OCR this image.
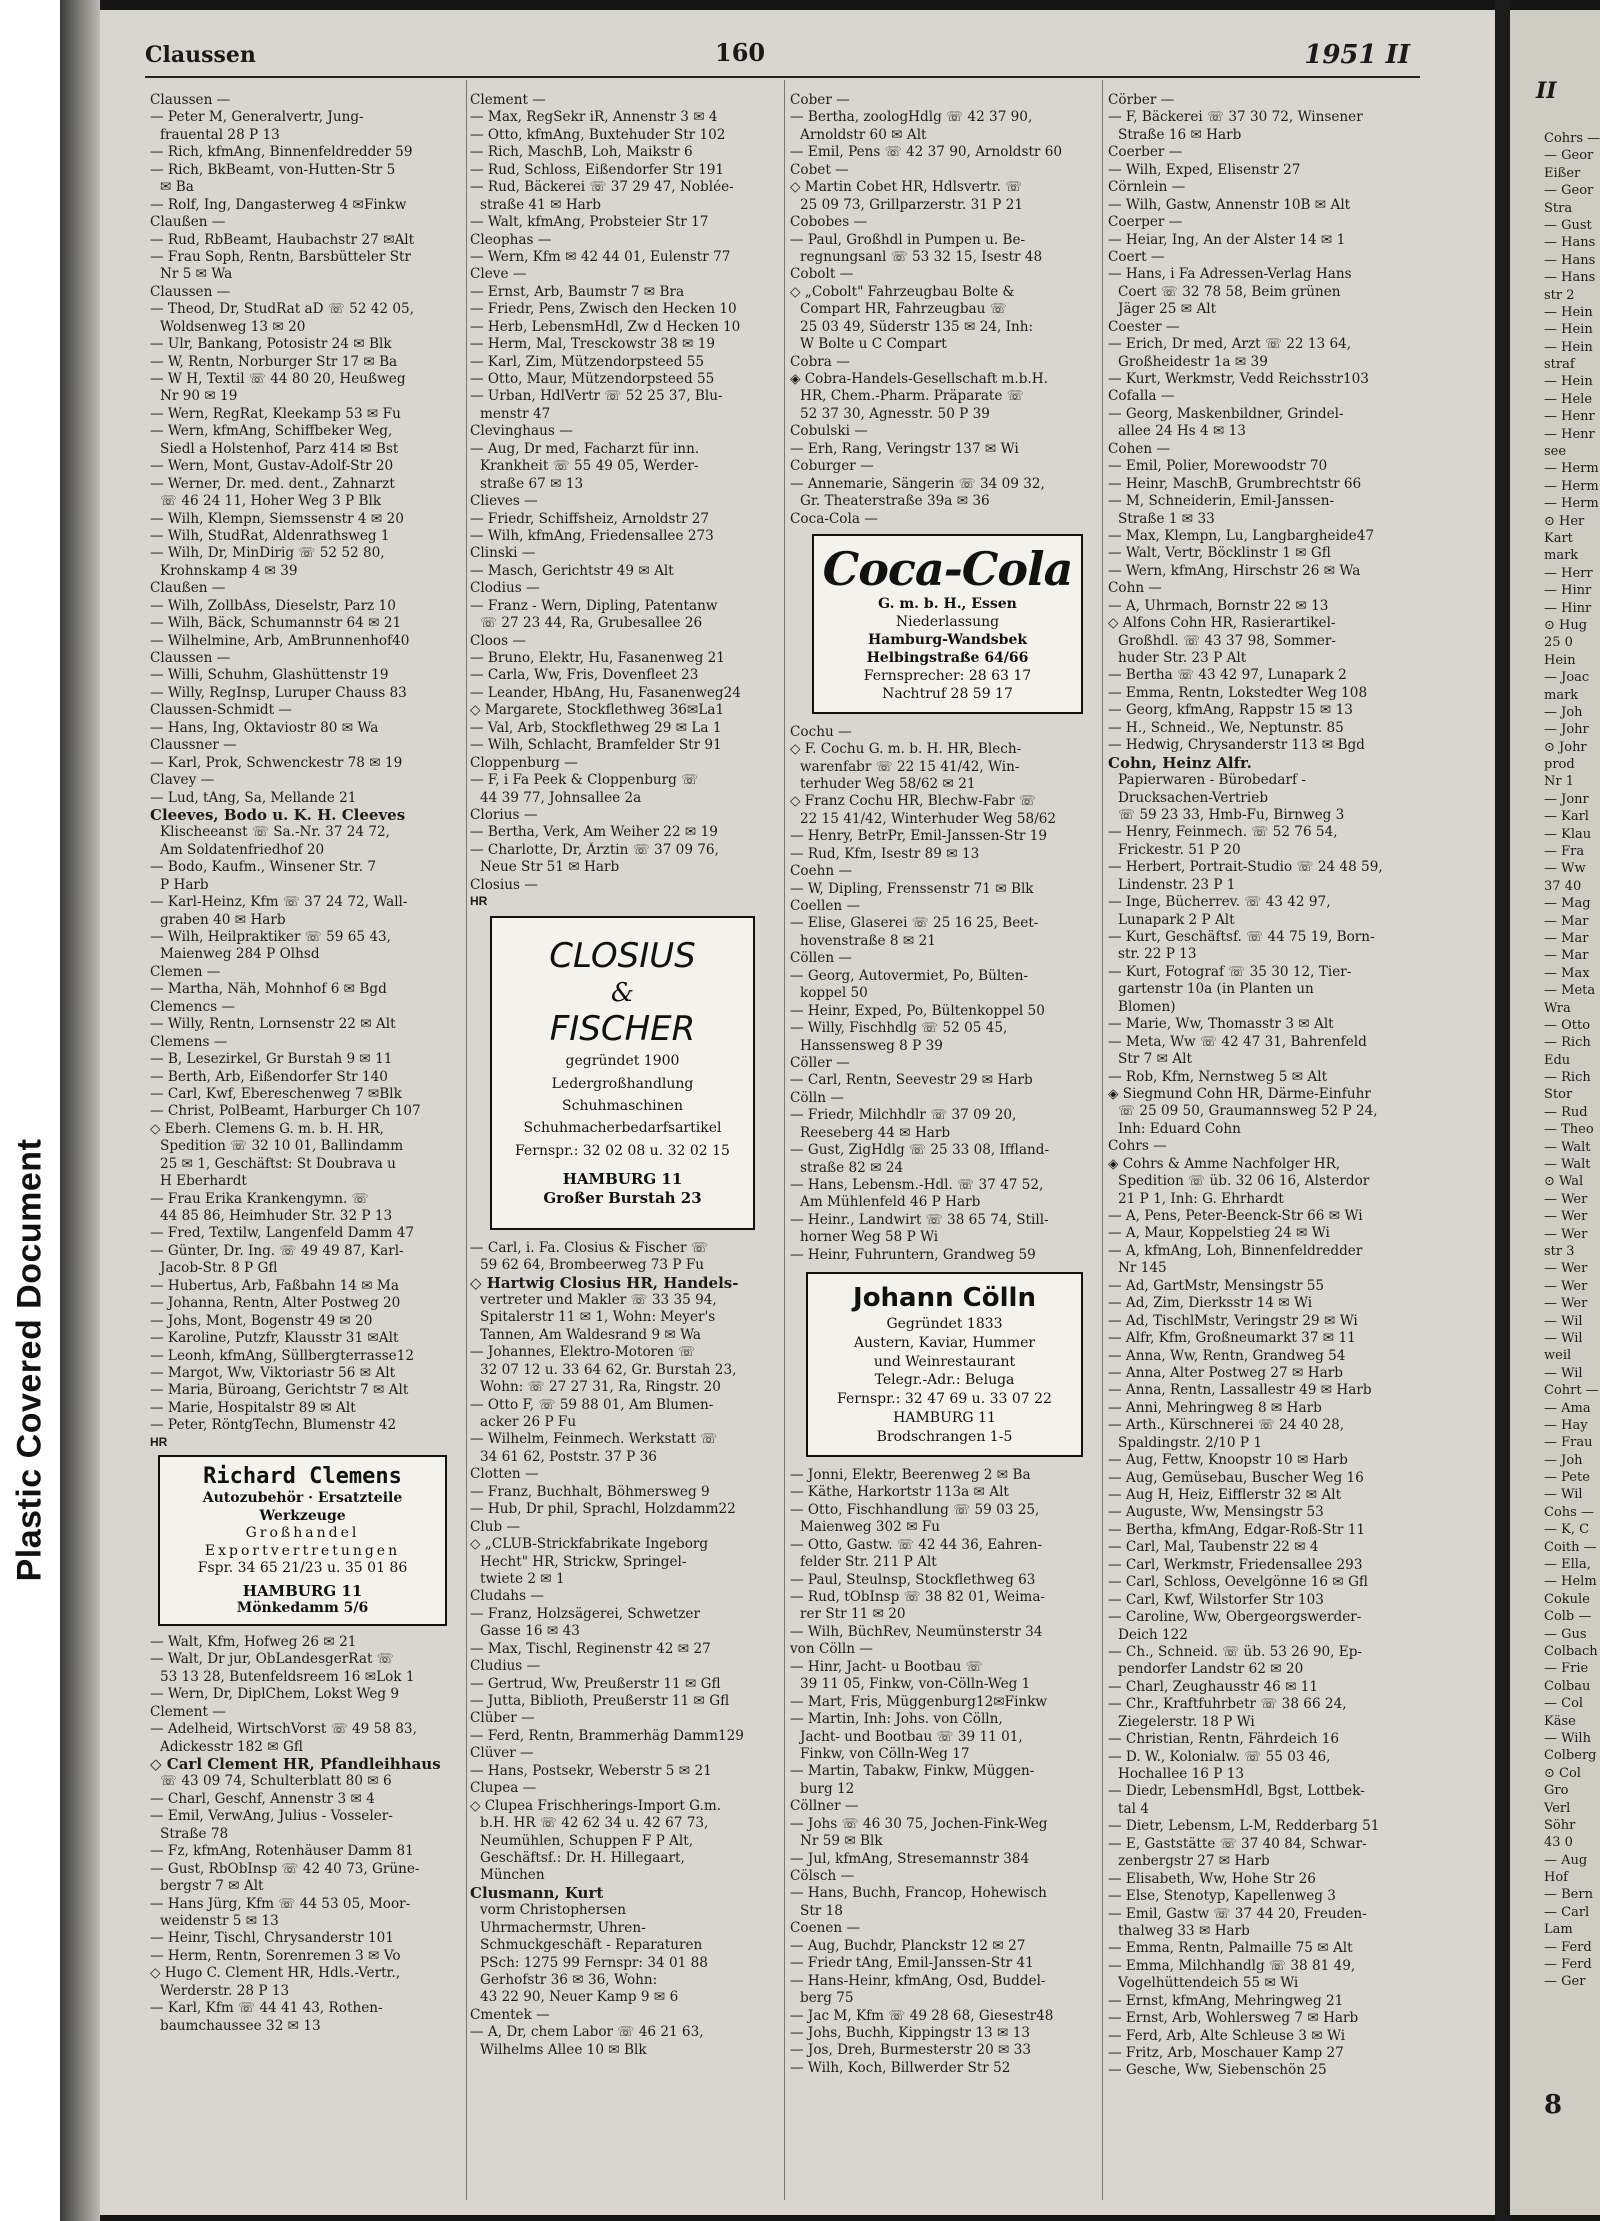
Plastic Covered Document
Claussen	160	1951 II
Claussen —
— Peter M, Generalvertr, Jung-
frauental 28 P 13
— Rich, kfmAng, Binnenfeldredder 59
— Rich, BkBeamt, von-Hutten-Str 5
✉ Ba
— Rolf, Ing, Dangasterweg 4 ✉Finkw
Claußen —
— Rud, RbBeamt, Haubachstr 27 ✉Alt
— Frau Soph, Rentn, Barsbütteler Str
Nr 5 ✉ Wa
Claussen —
— Theod, Dr, StudRat aD ☏ 52 42 05,
Woldsenweg 13 ✉ 20
— Ulr, Bankang, Potosistr 24 ✉ Blk
— W, Rentn, Norburger Str 17 ✉ Ba
— W H, Textil ☏ 44 80 20, Heußweg
Nr 90 ✉ 19
— Wern, RegRat, Kleekamp 53 ✉ Fu
— Wern, kfmAng, Schiffbeker Weg,
Siedl a Holstenhof, Parz 414 ✉ Bst
— Wern, Mont, Gustav-Adolf-Str 20
— Werner, Dr. med. dent., Zahnarzt
☏ 46 24 11, Hoher Weg 3 P Blk
— Wilh, Klempn, Siemssenstr 4 ✉ 20
— Wilh, StudRat, Aldenrathsweg 1
— Wilh, Dr, MinDirig ☏ 52 52 80,
Krohnskamp 4 ✉ 39
Claußen —
— Wilh, ZollbAss, Dieselstr, Parz 10
— Wilh, Bäck, Schumannstr 64 ✉ 21
— Wilhelmine, Arb, AmBrunnenhof40
Claussen —
— Willi, Schuhm, Glashüttenstr 19
— Willy, RegInsp, Luruper Chauss 83
Claussen-Schmidt —
— Hans, Ing, Oktaviostr 80 ✉ Wa
Claussner —
— Karl, Prok, Schwenckestr 78 ✉ 19
Clavey —
— Lud, tAng, Sa, Mellande 21
Cleeves, Bodo u. K. H. Cleeves
Klischeeanst ☏ Sa.-Nr. 37 24 72,
Am Soldatenfriedhof 20
— Bodo, Kaufm., Winsener Str. 7
P Harb
— Karl-Heinz, Kfm ☏ 37 24 72, Wall-
graben 40 ✉ Harb
— Wilh, Heilpraktiker ☏ 59 65 43,
Maienweg 284 P Olhsd
Clemen —
— Martha, Näh, Mohnhof 6 ✉ Bgd
Clemencs —
— Willy, Rentn, Lornsenstr 22 ✉ Alt
Clemens —
— B, Lesezirkel, Gr Burstah 9 ✉ 11
— Berth, Arb, Eißendorfer Str 140
— Carl, Kwf, Ebereschenweg 7 ✉Blk
— Christ, PolBeamt, Harburger Ch 107
◇ Eberh. Clemens G. m. b. H. HR,
Spedition ☏ 32 10 01, Ballindamm
25 ✉ 1, Geschäftst: St Doubrava u
H Eberhardt
— Frau Erika Krankengymn. ☏
44 85 86, Heimhuder Str. 32 P 13
— Fred, Textilw, Langenfeld Damm 47
— Günter, Dr. Ing. ☏ 49 49 87, Karl-
Jacob-Str. 8 P Gfl
— Hubertus, Arb, Faßbahn 14 ✉ Ma
— Johanna, Rentn, Alter Postweg 20
— Johs, Mont, Bogenstr 49 ✉ 20
— Karoline, Putzfr, Klausstr 31 ✉Alt
— Leonh, kfmAng, Süllbergterrasse12
— Margot, Ww, Viktoriastr 56 ✉ Alt
— Maria, Büroang, Gerichtstr 7 ✉ Alt
— Marie, Hospitalstr 89 ✉ Alt
— Peter, RöntgTechn, Blumenstr 42
HR
Richard Clemens
Autozubehör · Ersatzteile
Werkzeuge
Großhandel
Exportvertretungen
Fspr. 34 65 21/23 u. 35 01 86
HAMBURG 11
Mönkedamm 5/6
— Walt, Kfm, Hofweg 26 ✉ 21
— Walt, Dr jur, ObLandesgerRat ☏
53 13 28, Butenfeldsreem 16 ✉Lok 1
— Wern, Dr, DiplChem, Lokst Weg 9
Clement —
— Adelheid, WirtschVorst ☏ 49 58 83,
Adickesstr 182 ✉ Gfl
◇ Carl Clement HR, Pfandleihhaus
☏ 43 09 74, Schulterblatt 80 ✉ 6
— Charl, Geschf, Annenstr 3 ✉ 4
— Emil, VerwAng, Julius - Vosseler-
Straße 78
— Fz, kfmAng, Rotenhäuser Damm 81
— Gust, RbObInsp ☏ 42 40 73, Grüne-
bergstr 7 ✉ Alt
— Hans Jürg, Kfm ☏ 44 53 05, Moor-
weidenstr 5 ✉ 13
— Heinr, Tischl, Chrysanderstr 101
— Herm, Rentn, Sorenremen 3 ✉ Vo
◇ Hugo C. Clement HR, Hdls.-Vertr.,
Werderstr. 28 P 13
— Karl, Kfm ☏ 44 41 43, Rothen-
baumchaussee 32 ✉ 13
Clement —
— Max, RegSekr iR, Annenstr 3 ✉ 4
— Otto, kfmAng, Buxtehuder Str 102
— Rich, MaschB, Loh, Maikstr 6
— Rud, Schloss, Eißendorfer Str 191
— Rud, Bäckerei ☏ 37 29 47, Noblée-
straße 41 ✉ Harb
— Walt, kfmAng, Probsteier Str 17
Cleophas —
— Wern, Kfm ✉ 42 44 01, Eulenstr 77
Cleve —
— Ernst, Arb, Baumstr 7 ✉ Bra
— Friedr, Pens, Zwisch den Hecken 10
— Herb, LebensmHdl, Zw d Hecken 10
— Herm, Mal, Tresckowstr 38 ✉ 19
— Karl, Zim, Mützendorpsteed 55
— Otto, Maur, Mützendorpsteed 55
— Urban, HdlVertr ☏ 52 25 37, Blu-
menstr 47
Clevinghaus —
— Aug, Dr med, Facharzt für inn.
Krankheit ☏ 55 49 05, Werder-
straße 67 ✉ 13
Clieves —
— Friedr, Schiffsheiz, Arnoldstr 27
— Wilh, kfmAng, Friedensallee 273
Clinski —
— Masch, Gerichtstr 49 ✉ Alt
Clodius —
— Franz - Wern, Dipling, Patentanw
☏ 27 23 44, Ra, Grubesallee 26
Cloos —
— Bruno, Elektr, Hu, Fasanenweg 21
— Carla, Ww, Fris, Dovenfleet 23
— Leander, HbAng, Hu, Fasanenweg24
◇ Margarete, Stockflethweg 36✉La1
— Val, Arb, Stockflethweg 29 ✉ La 1
— Wilh, Schlacht, Bramfelder Str 91
Cloppenburg —
— F, i Fa Peek & Cloppenburg ☏
44 39 77, Johnsallee 2a
Clorius —
— Bertha, Verk, Am Weiher 22 ✉ 19
— Charlotte, Dr, Ärztin ☏ 37 09 76,
Neue Str 51 ✉ Harb
Closius —
HR
CLOSIUS
&
FISCHER
gegründet 1900
Ledergroßhandlung
Schuhmaschinen
Schuhmacherbedarfsartikel
Fernspr.: 32 02 08 u. 32 02 15
HAMBURG 11
Großer Burstah 23
— Carl, i. Fa. Closius & Fischer ☏
59 62 64, Brombeerweg 73 P Fu
◇ Hartwig Closius HR, Handels-
vertreter und Makler ☏ 33 35 94,
Spitalerstr 11 ✉ 1, Wohn: Meyer's
Tannen, Am Waldesrand 9 ✉ Wa
— Johannes, Elektro-Motoren ☏
32 07 12 u. 33 64 62, Gr. Burstah 23,
Wohn: ☏ 27 27 31, Ra, Ringstr. 20
— Otto F, ☏ 59 88 01, Am Blumen-
acker 26 P Fu
— Wilhelm, Feinmech. Werkstatt ☏
34 61 62, Poststr. 37 P 36
Clotten —
— Franz, Buchhalt, Böhmersweg 9
— Hub, Dr phil, Sprachl, Holzdamm22
Club —
◇ „CLUB-Strickfabrikate Ingeborg
Hecht" HR, Strickw, Springel-
twiete 2 ✉ 1
Cludahs —
— Franz, Holzsägerei, Schwetzer
Gasse 16 ✉ 43
— Max, Tischl, Reginenstr 42 ✉ 27
Cludius —
— Gertrud, Ww, Preußerstr 11 ✉ Gfl
— Jutta, Biblioth, Preußerstr 11 ✉ Gfl
Clüber —
— Ferd, Rentn, Brammerhäg Damm129
Clüver —
— Hans, Postsekr, Weberstr 5 ✉ 21
Clupea —
◇ Clupea Frischherings-Import G.m.
b.H. HR ☏ 42 62 34 u. 42 67 73,
Neumühlen, Schuppen F P Alt,
Geschäftsf.: Dr. H. Hillegaart,
München
Clusmann, Kurt
vorm Christophersen
Uhrmachermstr, Uhren-
Schmuckgeschäft - Reparaturen
PSch: 1275 99 Fernspr: 34 01 88
Gerhofstr 36 ✉ 36, Wohn:
43 22 90, Neuer Kamp 9 ✉ 6
Cmentek —
— A, Dr, chem Labor ☏ 46 21 63,
Wilhelms Allee 10 ✉ Blk
Cober —
— Bertha, zoologHdlg ☏ 42 37 90,
Arnoldstr 60 ✉ Alt
— Emil, Pens ☏ 42 37 90, Arnoldstr 60
Cobet —
◇ Martin Cobet HR, Hdlsvertr. ☏
25 09 73, Grillparzerstr. 31 P 21
Cobobes —
— Paul, Großhdl in Pumpen u. Be-
regnungsanl ☏ 53 32 15, Isestr 48
Cobolt —
◇ „Cobolt" Fahrzeugbau Bolte &
Compart HR, Fahrzeugbau ☏
25 03 49, Süderstr 135 ✉ 24, Inh:
W Bolte u C Compart
Cobra —
◈ Cobra-Handels-Gesellschaft m.b.H.
HR, Chem.-Pharm. Präparate ☏
52 37 30, Agnesstr. 50 P 39
Cobulski —
— Erh, Rang, Veringstr 137 ✉ Wi
Coburger —
— Annemarie, Sängerin ☏ 34 09 32,
Gr. Theaterstraße 39a ✉ 36
Coca-Cola —
Coca-Cola
G. m. b. H., Essen
Niederlassung
Hamburg-Wandsbek
Helbingstraße 64/66
Fernsprecher: 28 63 17
Nachtruf 28 59 17
Cochu —
◇ F. Cochu G. m. b. H. HR, Blech-
warenfabr ☏ 22 15 41/42, Win-
terhuder Weg 58/62 ✉ 21
◇ Franz Cochu HR, Blechw-Fabr ☏
22 15 41/42, Winterhuder Weg 58/62
— Henry, BetrPr, Emil-Janssen-Str 19
— Rud, Kfm, Isestr 89 ✉ 13
Coehn —
— W, Dipling, Frenssenstr 71 ✉ Blk
Coellen —
— Elise, Glaserei ☏ 25 16 25, Beet-
hovenstraße 8 ✉ 21
Cöllen —
— Georg, Autovermiet, Po, Bülten-
koppel 50
— Heinr, Exped, Po, Bültenkoppel 50
— Willy, Fischhdlg ☏ 52 05 45,
Hanssensweg 8 P 39
Cöller —
— Carl, Rentn, Seevestr 29 ✉ Harb
Cölln —
— Friedr, Milchhdlr ☏ 37 09 20,
Reeseberg 44 ✉ Harb
— Gust, ZigHdlg ☏ 25 33 08, Iffland-
straße 82 ✉ 24
— Hans, Lebensm.-Hdl. ☏ 37 47 52,
Am Mühlenfeld 46 P Harb
— Heinr., Landwirt ☏ 38 65 74, Still-
horner Weg 58 P Wi
— Heinr, Fuhruntern, Grandweg 59
Johann Cölln
Gegründet 1833
Austern, Kaviar, Hummer
und Weinrestaurant
Telegr.-Adr.: Beluga
Fernspr.: 32 47 69 u. 33 07 22
HAMBURG 11
Brodschrangen 1-5
— Jonni, Elektr, Beerenweg 2 ✉ Ba
— Käthe, Harkortstr 113a ✉ Alt
— Otto, Fischhandlung ☏ 59 03 25,
Maienweg 302 ✉ Fu
— Otto, Gastw. ☏ 42 44 36, Eahren-
felder Str. 211 P Alt
— Paul, Steulnsp, Stockflethweg 63
— Rud, tObInsp ☏ 38 82 01, Weima-
rer Str 11 ✉ 20
— Wilh, BüchRev, Neumünsterstr 34
von Cölln —
— Hinr, Jacht- u Bootbau ☏
39 11 05, Finkw, von-Cölln-Weg 1
— Mart, Fris, Müggenburg12✉Finkw
— Martin, Inh: Johs. von Cölln,
Jacht- und Bootbau ☏ 39 11 01,
Finkw, von Cölln-Weg 17
— Martin, Tabakw, Finkw, Müggen-
burg 12
Cöllner —
— Johs ☏ 46 30 75, Jochen-Fink-Weg
Nr 59 ✉ Blk
— Jul, kfmAng, Stresemannstr 384
Cölsch —
— Hans, Buchh, Francop, Hohewisch
Str 18
Coenen —
— Aug, Buchdr, Planckstr 12 ✉ 27
— Friedr tAng, Emil-Janssen-Str 41
— Hans-Heinr, kfmAng, Osd, Buddel-
berg 75
— Jac M, Kfm ☏ 49 28 68, Giesestr48
— Johs, Buchh, Kippingstr 13 ✉ 13
— Jos, Dreh, Burmesterstr 20 ✉ 33
— Wilh, Koch, Billwerder Str 52
Cörber —
— F, Bäckerei ☏ 37 30 72, Winsener
Straße 16 ✉ Harb
Coerber —
— Wilh, Exped, Elisenstr 27
Cörnlein —
— Wilh, Gastw, Annenstr 10B ✉ Alt
Coerper —
— Heiar, Ing, An der Alster 14 ✉ 1
Coert —
— Hans, i Fa Adressen-Verlag Hans
Coert ☏ 32 78 58, Beim grünen
Jäger 25 ✉ Alt
Coester —
— Erich, Dr med, Arzt ☏ 22 13 64,
Großheidestr 1a ✉ 39
— Kurt, Werkmstr, Vedd Reichsstr103
Cofalla —
— Georg, Maskenbildner, Grindel-
allee 24 Hs 4 ✉ 13
Cohen —
— Emil, Polier, Morewoodstr 70
— Heinr, MaschB, Grumbrechtstr 66
— M, Schneiderin, Emil-Janssen-
Straße 1 ✉ 33
— Max, Klempn, Lu, Langbargheide47
— Walt, Vertr, Böcklinstr 1 ✉ Gfl
— Wern, kfmAng, Hirschstr 26 ✉ Wa
Cohn —
— A, Uhrmach, Bornstr 22 ✉ 13
◇ Alfons Cohn HR, Rasierartikel-
Großhdl. ☏ 43 37 98, Sommer-
huder Str. 23 P Alt
— Bertha ☏ 43 42 97, Lunapark 2
— Emma, Rentn, Lokstedter Weg 108
— Georg, kfmAng, Rappstr 15 ✉ 13
— H., Schneid., We, Neptunstr. 85
— Hedwig, Chrysanderstr 113 ✉ Bgd
Cohn, Heinz Alfr.
Papierwaren - Bürobedarf -
Drucksachen-Vertrieb
☏ 59 23 33, Hmb-Fu, Birnweg 3
— Henry, Feinmech. ☏ 52 76 54,
Frickestr. 51 P 20
— Herbert, Portrait-Studio ☏ 24 48 59,
Lindenstr. 23 P 1
— Inge, Bücherrev. ☏ 43 42 97,
Lunapark 2 P Alt
— Kurt, Geschäftsf. ☏ 44 75 19, Born-
str. 22 P 13
— Kurt, Fotograf ☏ 35 30 12, Tier-
gartenstr 10a (in Planten un
Blomen)
— Marie, Ww, Thomasstr 3 ✉ Alt
— Meta, Ww ☏ 42 47 31, Bahrenfeld
Str 7 ✉ Alt
— Rob, Kfm, Nernstweg 5 ✉ Alt
◈ Siegmund Cohn HR, Därme-Einfuhr
☏ 25 09 50, Graumannsweg 52 P 24,
Inh: Eduard Cohn
Cohrs —
◈ Cohrs & Amme Nachfolger HR,
Spedition ☏ üb. 32 06 16, Alsterdor
21 P 1, Inh: G. Ehrhardt
— A, Pens, Peter-Beenck-Str 66 ✉ Wi
— A, Maur, Koppelstieg 24 ✉ Wi
— A, kfmAng, Loh, Binnenfeldredder
Nr 145
— Ad, GartMstr, Mensingstr 55
— Ad, Zim, Dierksstr 14 ✉ Wi
— Ad, TischlMstr, Veringstr 29 ✉ Wi
— Alfr, Kfm, Großneumarkt 37 ✉ 11
— Anna, Ww, Rentn, Grandweg 54
— Anna, Alter Postweg 27 ✉ Harb
— Anna, Rentn, Lassallestr 49 ✉ Harb
— Anni, Mehringweg 8 ✉ Harb
— Arth., Kürschnerei ☏ 24 40 28,
Spaldingstr. 2/10 P 1
— Aug, Fettw, Knoopstr 10 ✉ Harb
— Aug, Gemüsebau, Buscher Weg 16
— Aug H, Heiz, Eifflerstr 32 ✉ Alt
— Auguste, Ww, Mensingstr 53
— Bertha, kfmAng, Edgar-Roß-Str 11
— Carl, Mal, Taubenstr 22 ✉ 4
— Carl, Werkmstr, Friedensallee 293
— Carl, Schloss, Oevelgönne 16 ✉ Gfl
— Carl, Kwf, Wilstorfer Str 103
— Caroline, Ww, Obergeorgswerder-
Deich 122
— Ch., Schneid. ☏ üb. 53 26 90, Ep-
pendorfer Landstr 62 ✉ 20
— Charl, Zeughausstr 46 ✉ 11
— Chr., Kraftfuhrbetr ☏ 38 66 24,
Ziegelerstr. 18 P Wi
— Christian, Rentn, Fährdeich 16
— D. W., Kolonialw. ☏ 55 03 46,
Hochallee 16 P 13
— Diedr, LebensmHdl, Bgst, Lottbek-
tal 4
— Dietr, Lebensm, L-M, Redderbarg 51
— E, Gaststätte ☏ 37 40 84, Schwar-
zenbergstr 27 ✉ Harb
— Elisabeth, Ww, Hohe Str 26
— Else, Stenotyp, Kapellenweg 3
— Emil, Gastw ☏ 37 44 20, Freuden-
thalweg 33 ✉ Harb
— Emma, Rentn, Palmaille 75 ✉ Alt
— Emma, Milchhandlg ☏ 38 81 49,
Vogelhüttendeich 55 ✉ Wi
— Ernst, kfmAng, Mehringweg 21
— Ernst, Arb, Wohlersweg 7 ✉ Harb
— Ferd, Arb, Alte Schleuse 3 ✉ Wi
— Fritz, Arb, Moschauer Kamp 27
— Gesche, Ww, Siebenschön 25
II
Cohrs —
— Geor
Eißer
— Geor
Stra
— Gust
— Hans
— Hans
— Hans
str 2
— Hein
— Hein
— Hein
straf
— Hein
— Hele
— Henr
— Henr
see
— Herm
— Herm
— Herm
⊙ Her
Kart
mark
— Herr
— Hinr
— Hinr
⊙ Hug
25 0
Hein
— Joac
mark
— Joh
— Johr
⊙ Johr
prod
Nr 1
— Jonr
— Karl
— Klau
— Fra
— Ww
37 40
— Mag
— Mar
— Mar
— Mar
— Max
— Meta
Wra
— Otto
— Rich
Edu
— Rich
Stor
— Rud
— Theo
— Walt
— Walt
⊙ Wal
— Wer
— Wer
— Wer
str 3
— Wer
— Wer
— Wer
— Wil
— Wil
weil
— Wil
Cohrt —
— Ama
— Hay
— Frau
— Joh
— Pete
— Wil
Cohs —
— K, C
Coith —
— Ella,
— Helm
Cokule
Colb —
— Gus
Colbach
— Frie
Colbau
— Col
Käse
— Wilh
Colberg
⊙ Col
Gro
Verl
Söhr
43 0
— Aug
Hof
— Bern
— Carl
Lam
— Ferd
— Ferd
— Ger
8
